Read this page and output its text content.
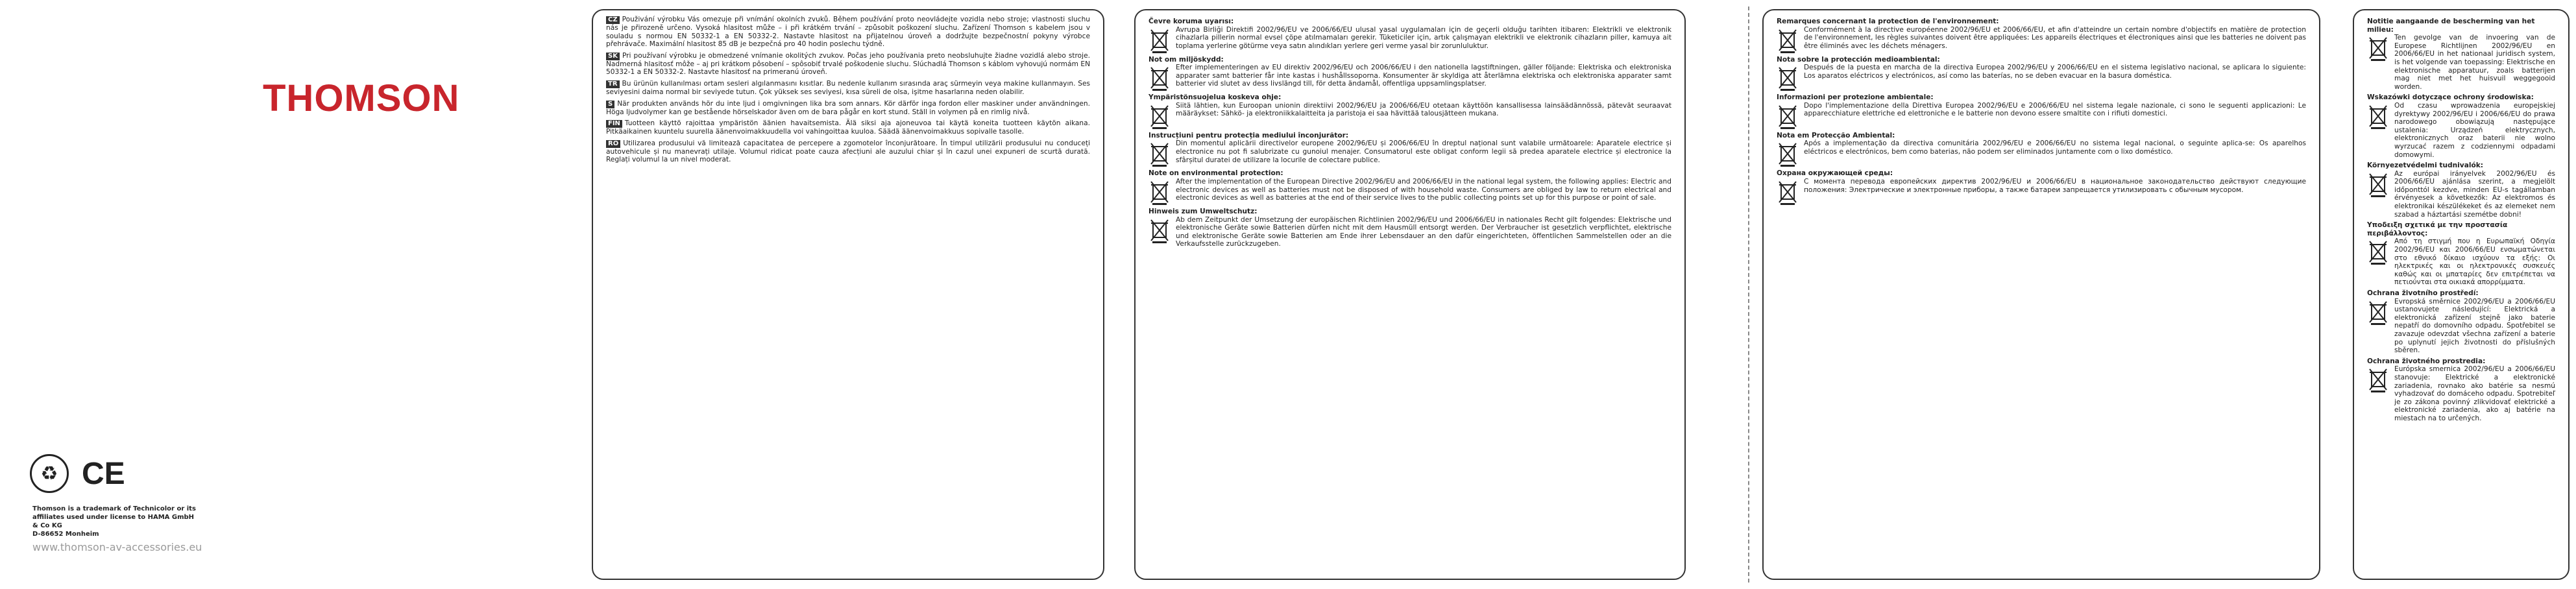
THOMSON
♻ CE
Thomson is a trademark of Technicolor or its affiliates used under license to HAMA GmbH & Co KG
D-86652 Monheim
www.thomson-av-accessories.eu
CZ Použivání výrobku Vás omezuje při vnímání okolních zvuků. Během používání proto neovládejte vozidla nebo stroje; vlastnosti sluchu nás je přirozeně určeno. Vysoká hlasitost může – i při krátkém trvání – způsobit poškození sluchu. Zařízení Thomson s kabelem jsou v souladu s normou EN 50332-1 a EN 50332-2. Nastavte hlasitost na přijatelnou úroveň a dodržujte bezpečnostní pokyny výrobce přehrávače. Maximální hlasitost 85 dB je bezpečná pro 40 hodin poslechu týdně.
SK Pri používaní výrobku je obmedzené vnímanie okolitých zvukov. Počas jeho používania preto neobsluhujte žiadne vozidlá alebo stroje. Nadmerná hlasitosť môže – aj pri krátkom pôsobení – spôsobiť trvalé poškodenie sluchu. Slúchadlá Thomson s káblom vyhovujú normám EN 50332-1 a EN 50332-2. Nastavte hlasitosť na primeranú úroveň.
TR Bu ürünün kullanılması ortam sesleri algılanmasını kısıtlar. Bu nedenle kullanım sırasında araç sürmeyin veya makine kullanmayın. Ses seviyesini daima normal bir seviyede tutun. Çok yüksek ses seviyesi, kısa süreli de olsa, işitme hasarlarına neden olabilir.
S När produkten används hör du inte ljud i omgivningen lika bra som annars. Kör därför inga fordon eller maskiner under användningen. Höga ljudvolymer kan ge bestående hörselskador även om de bara pågår en kort stund. Ställ in volymen på en rimlig nivå.
FIN Tuotteen käyttö rajoittaa ympäristön äänien havaitsemista. Älä siksi aja ajoneuvoa tai käytä koneita tuotteen käytön aikana. Pitkäaikainen kuuntelu suurella äänenvoimakkuudella voi vahingoittaa kuuloa. Säädä äänenvoimakkuus sopivalle tasolle.
RO Utilizarea produsului vă limitează capacitatea de percepere a zgomotelor înconjurătoare. În timpul utilizării produsului nu conduceți autovehicule și nu manevrați utilaje. Volumul ridicat poate cauza afecțiuni ale auzului chiar și în cazul unei expuneri de scurtă durată. Reglați volumul la un nivel moderat.
Čevre koruma uyarısı:
Avrupa Birliği Direktifi 2002/96/EU ve 2006/66/EU ulusal yasal uygulamaları için de geçerli olduğu tarihten itibaren: Elektrikli ve elektronik cihazlarla pillerin normal evsel çöpe atılmamaları gerekir. Tüketiciler için, artık çalışmayan elektrikli ve elektronik cihazların piller, kamuya ait toplama yerlerine götürme veya satın alındıkları yerlere geri verme yasal bir zorunluluktur.
Not om miljöskydd:
Efter implementeringen av EU direktiv 2002/96/EU och 2006/66/EU i den nationella lagstiftningen, gäller följande: Elektriska och elektroniska apparater samt batterier får inte kastas i hushållssoporna. Konsumenter är skyldiga att återlämna elektriska och elektroniska apparater samt batterier vid slutet av dess livslängd till, för detta ändamål, offentliga uppsamlingsplatser.
Ympäristönsuojelua koskeva ohje:
Siitä lähtien, kun Euroopan unionin direktiivi 2002/96/EU ja 2006/66/EU otetaan käyttöön kansallisessa lainsäädännössä, pätevät seuraavat määräykset: Sähkö- ja elektroniikkalaitteita ja paristoja ei saa hävittää talousjätteen mukana.
Instrucțiuni pentru protecția mediului înconjurător:
Din momentul aplicării directivelor europene 2002/96/EU și 2006/66/EU în dreptul național sunt valabile următoarele: Aparatele electrice și electronice nu pot fi salubrizate cu gunoiul menajer. Consumatorul este obligat conform legii să predea aparatele electrice și electronice la sfârșitul duratei de utilizare la locurile de colectare publice.
Note on environmental protection:
After the implementation of the European Directive 2002/96/EU and 2006/66/EU in the national legal system, the following applies: Electric and electronic devices as well as batteries must not be disposed of with household waste. Consumers are obliged by law to return electrical and electronic devices as well as batteries at the end of their service lives to the public collecting points set up for this purpose or point of sale.
Hinweis zum Umweltschutz:
Ab dem Zeitpunkt der Umsetzung der europäischen Richtlinien 2002/96/EU und 2006/66/EU in nationales Recht gilt folgendes: Elektrische und elektronische Geräte sowie Batterien dürfen nicht mit dem Hausmüll entsorgt werden. Der Verbraucher ist gesetzlich verpflichtet, elektrische und elektronische Geräte sowie Batterien am Ende ihrer Lebensdauer an den dafür eingerichteten, öffentlichen Sammelstellen oder an die Verkaufsstelle zurückzugeben.
Remarques concernant la protection de l'environnement:
Conformément à la directive européenne 2002/96/EU et 2006/66/EU, et afin d'atteindre un certain nombre d'objectifs en matière de protection de l'environnement, les règles suivantes doivent être appliquées: Les appareils électriques et électroniques ainsi que les batteries ne doivent pas être éliminés avec les déchets ménagers.
Nota sobre la protección medioambiental:
Después de la puesta en marcha de la directiva Europea 2002/96/EU y 2006/66/EU en el sistema legislativo nacional, se aplicara lo siguiente: Los aparatos eléctricos y electrónicos, así como las baterías, no se deben evacuar en la basura doméstica.
Informazioni per protezione ambientale:
Dopo l'implementazione della Direttiva Europea 2002/96/EU e 2006/66/EU nel sistema legale nazionale, ci sono le seguenti applicazioni: Le apparecchiature elettriche ed elettroniche e le batterie non devono essere smaltite con i rifiuti domestici.
Nota em Protecção Ambiental:
Após a implementação da directiva comunitária 2002/96/EU e 2006/66/EU no sistema legal nacional, o seguinte aplica-se: Os aparelhos eléctricos e electrónicos, bem como baterias, não podem ser eliminados juntamente com o lixo doméstico.
Охрана окружающей среды:
С момента перевода европейских директив 2002/96/EU и 2006/66/EU в национальное законодательство действуют следующие положения: Электрические и электронные приборы, а также батареи запрещается утилизировать с обычным мусором.
Notitie aangaande de bescherming van het milieu:
Ten gevolge van de invoering van de Europese Richtlijnen 2002/96/EU en 2006/66/EU in het nationaal juridisch system, is het volgende van toepassing: Elektrische en elektronische apparatuur, zoals batterijen mag niet met het huisvuil weggegooid worden.
Wskazówki dotyczące ochrony środowiska:
Od czasu wprowadzenia europejskiej dyrektywy 2002/96/EU i 2006/66/EU do prawa narodowego obowiązują następujące ustalenia: Urządzeń elektrycznych, elektronicznych oraz baterii nie wolno wyrzucać razem z codziennymi odpadami domowymi.
Környezetvédelmi tudnivalók:
Az európai irányelvek 2002/96/EU és 2006/66/EU ajánlása szerint, a megjelölt időponttól kezdve, minden EU-s tagállamban érvényesek a következők: Az elektromos és elektronikai készülékeket és az elemeket nem szabad a háztartási szemétbe dobni!
Υποδειξη σχετικά με την προστασία περιβάλλοντος:
Από τη στιγμή που η Ευρωπαϊκή Οδηγία 2002/96/EU και 2006/66/EU ενσωματώνεται στο εθνικό δίκαιο ισχύουν τα εξής: Οι ηλεκτρικές και οι ηλεκτρονικές συσκευές καθώς και οι μπαταρίες δεν επιτρέπεται να πετιούνται στα οικιακά απορρίμματα.
Ochrana životního prostředí:
Evropská směrnice 2002/96/EU a 2006/66/EU ustanovujete následující: Elektrická a elektronická zařízení stejně jako baterie nepatří do domovního odpadu. Spotřebitel se zavazuje odevzdat všechna zařízení a baterie po uplynutí jejich životnosti do příslušných sběren.
Ochrana životného prostredia:
Európska smernica 2002/96/EU a 2006/66/EU stanovuje: Elektrické a elektronické zariadenia, rovnako ako batérie sa nesmú vyhadzovať do domáceho odpadu. Spotrebiteľ je zo zákona povinný zlikvidovať elektrické a elektronické zariadenia, ako aj batérie na miestach na to určených.
